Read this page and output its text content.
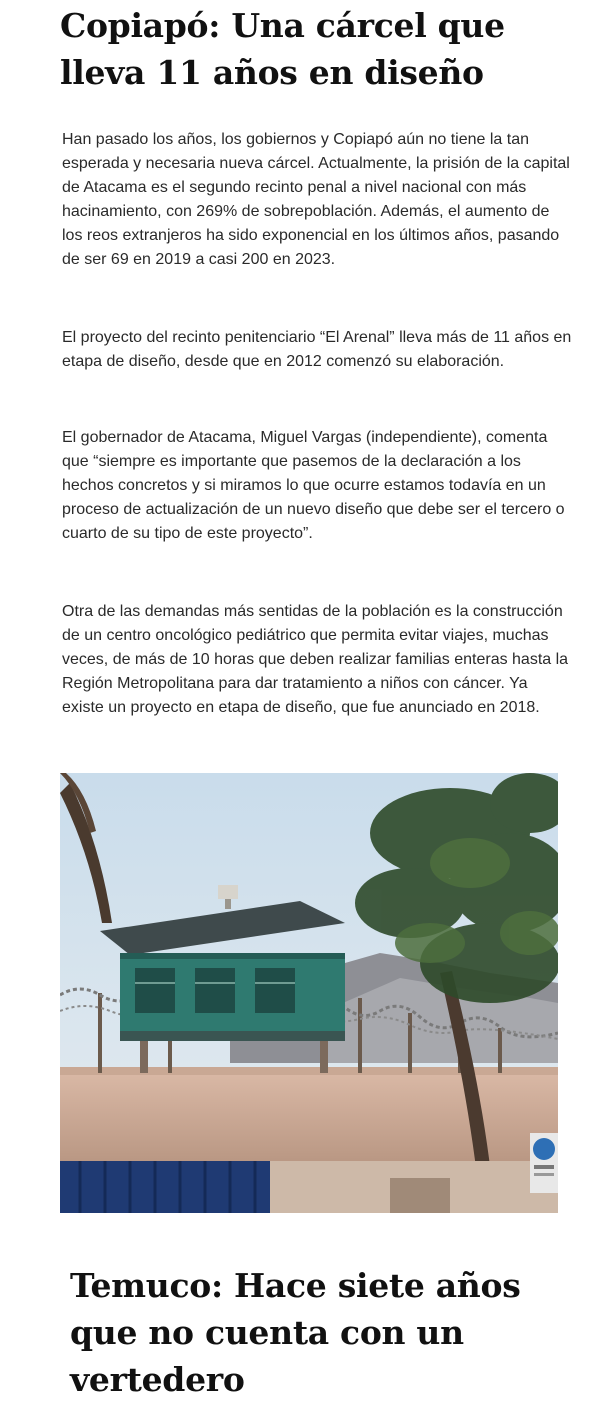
Copiapó: Una cárcel que lleva 11 años en diseño

Han pasado los años, los gobiernos y Copiapó aún no tiene la tan esperada y necesaria nueva cárcel. Actualmente, la prisión de la capital de Atacama es el segundo recinto penal a nivel nacional con más hacinamiento, con 269% de sobrepoblación. Además, el aumento de los reos extranjeros ha sido exponencial en los últimos años, pasando de ser 69 en 2019 a casi 200 en 2023.

El proyecto del recinto penitenciario “El Arenal” lleva más de 11 años en etapa de diseño, desde que en 2012 comenzó su elaboración.

El gobernador de Atacama, Miguel Vargas (independiente), comenta que “siempre es importante que pasemos de la declaración a los hechos concretos y si miramos lo que ocurre estamos todavía en un proceso de actualización de un nuevo diseño que debe ser el tercero o cuarto de su tipo de este proyecto”.

Otra de las demandas más sentidas de la población es la construcción de un centro oncológico pediátrico que permita evitar viajes, muchas veces, de más de 10 horas que deben realizar familias enteras hasta la Región Metropolitana para dar tratamiento a niños con cáncer. Ya existe un proyecto en etapa de diseño, que fue anunciado en 2018.

Temuco: Hace siete años que no cuenta con un vertedero
